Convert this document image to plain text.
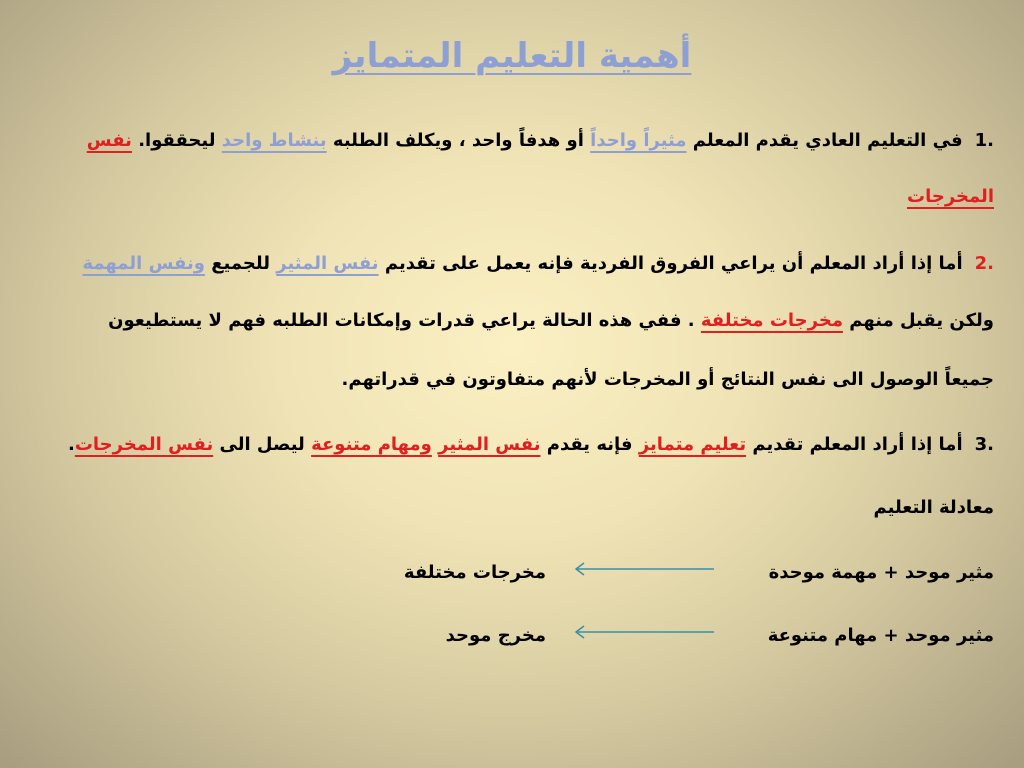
أهمية التعليم المتمايز
.1في التعليم العادي يقدم المعلم مثيراً واحداً أو هدفاً واحد ، ويكلف الطلبه بنشاط واحد ليحققوا. نفس
المخرجات
.2أما إذا أراد المعلم أن يراعي الفروق الفردية فإنه يعمل على تقديم نفس المثير للجميع ونفس المهمة
ولكن يقبل منهم مخرجات مختلفة . ففي هذه الحالة يراعي قدرات وإمكانات الطلبه فهم لا يستطيعون
جميعاً الوصول الى نفس النتائج أو المخرجات لأنهم متفاوتون في قدراتهم.
.3أما إذا أراد المعلم تقديم تعليم متمايز فإنه يقدم نفس المثير ومهام متنوعة ليصل الى نفس المخرجات.
معادلة التعليم
مثير موحد + مهمة موحدة
مخرجات مختلفة
مثير موحد + مهام متنوعة
مخرج موحد
